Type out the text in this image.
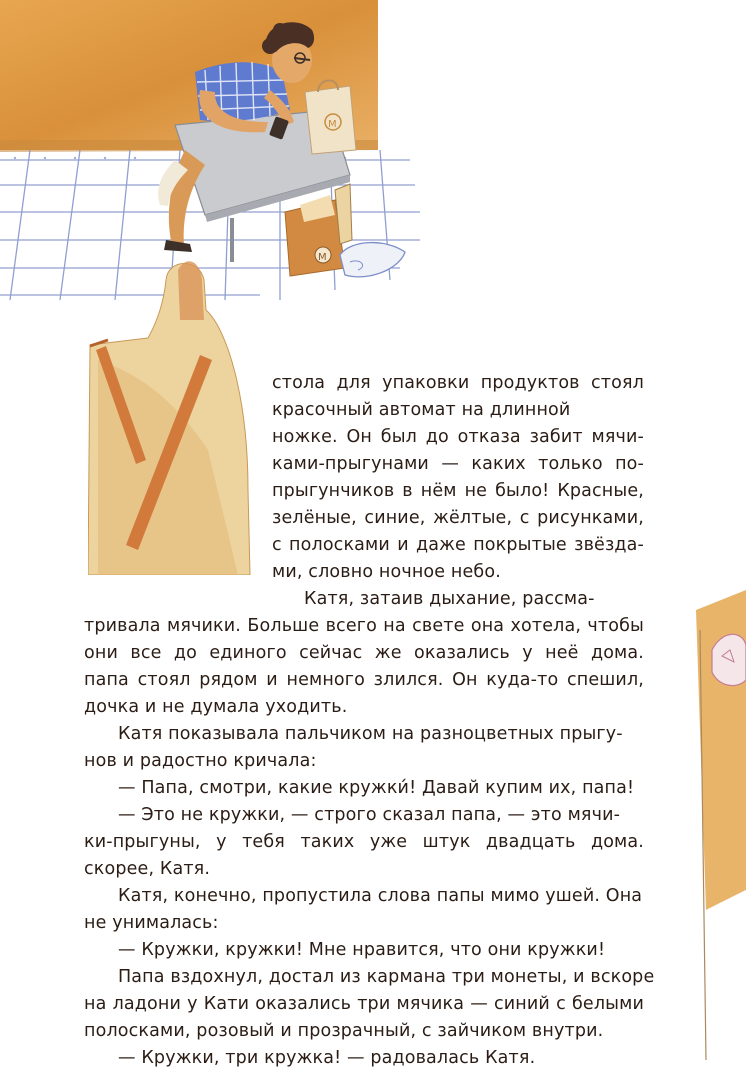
M
M
У
стола для упаковки продуктов стоял
красочный автомат на длинной
ножке. Он был до отказа забит мячи-
ками-прыгунами — каких только по-
прыгунчиков в нём не было! Красные,
зелёные, синие, жёлтые, с рисунками,
с полосками и даже покрытые звёзда-
ми, словно ночное небо.
Катя, затаив дыхание, рассма-
тривала мячики. Больше всего на свете она хотела, чтобы
они все до единого сейчас же оказались у неё дома.
папа стоял рядом и немного злился. Он куда-то спешил,
дочка и не думала уходить.
Катя показывала пальчиком на разноцветных прыгу-
нов и радостно кричала:
— Папа, смотри, какие кружки́! Давай купим их, папа!
— Это не кружки, — строго сказал папа, — это мячи-
ки-прыгуны, у тебя таких уже штук двадцать дома.
скорее, Катя.
Катя, конечно, пропустила слова папы мимо ушей. Она
не унималась:
— Кружки, кружки! Мне нравится, что они кружки!
Папа вздохнул, достал из кармана три монеты, и вскоре
на ладони у Кати оказались три мячика — синий с белыми
полосками, розовый и прозрачный, с зайчиком внутри.
— Кружки, три кружка! — радовалась Катя.
